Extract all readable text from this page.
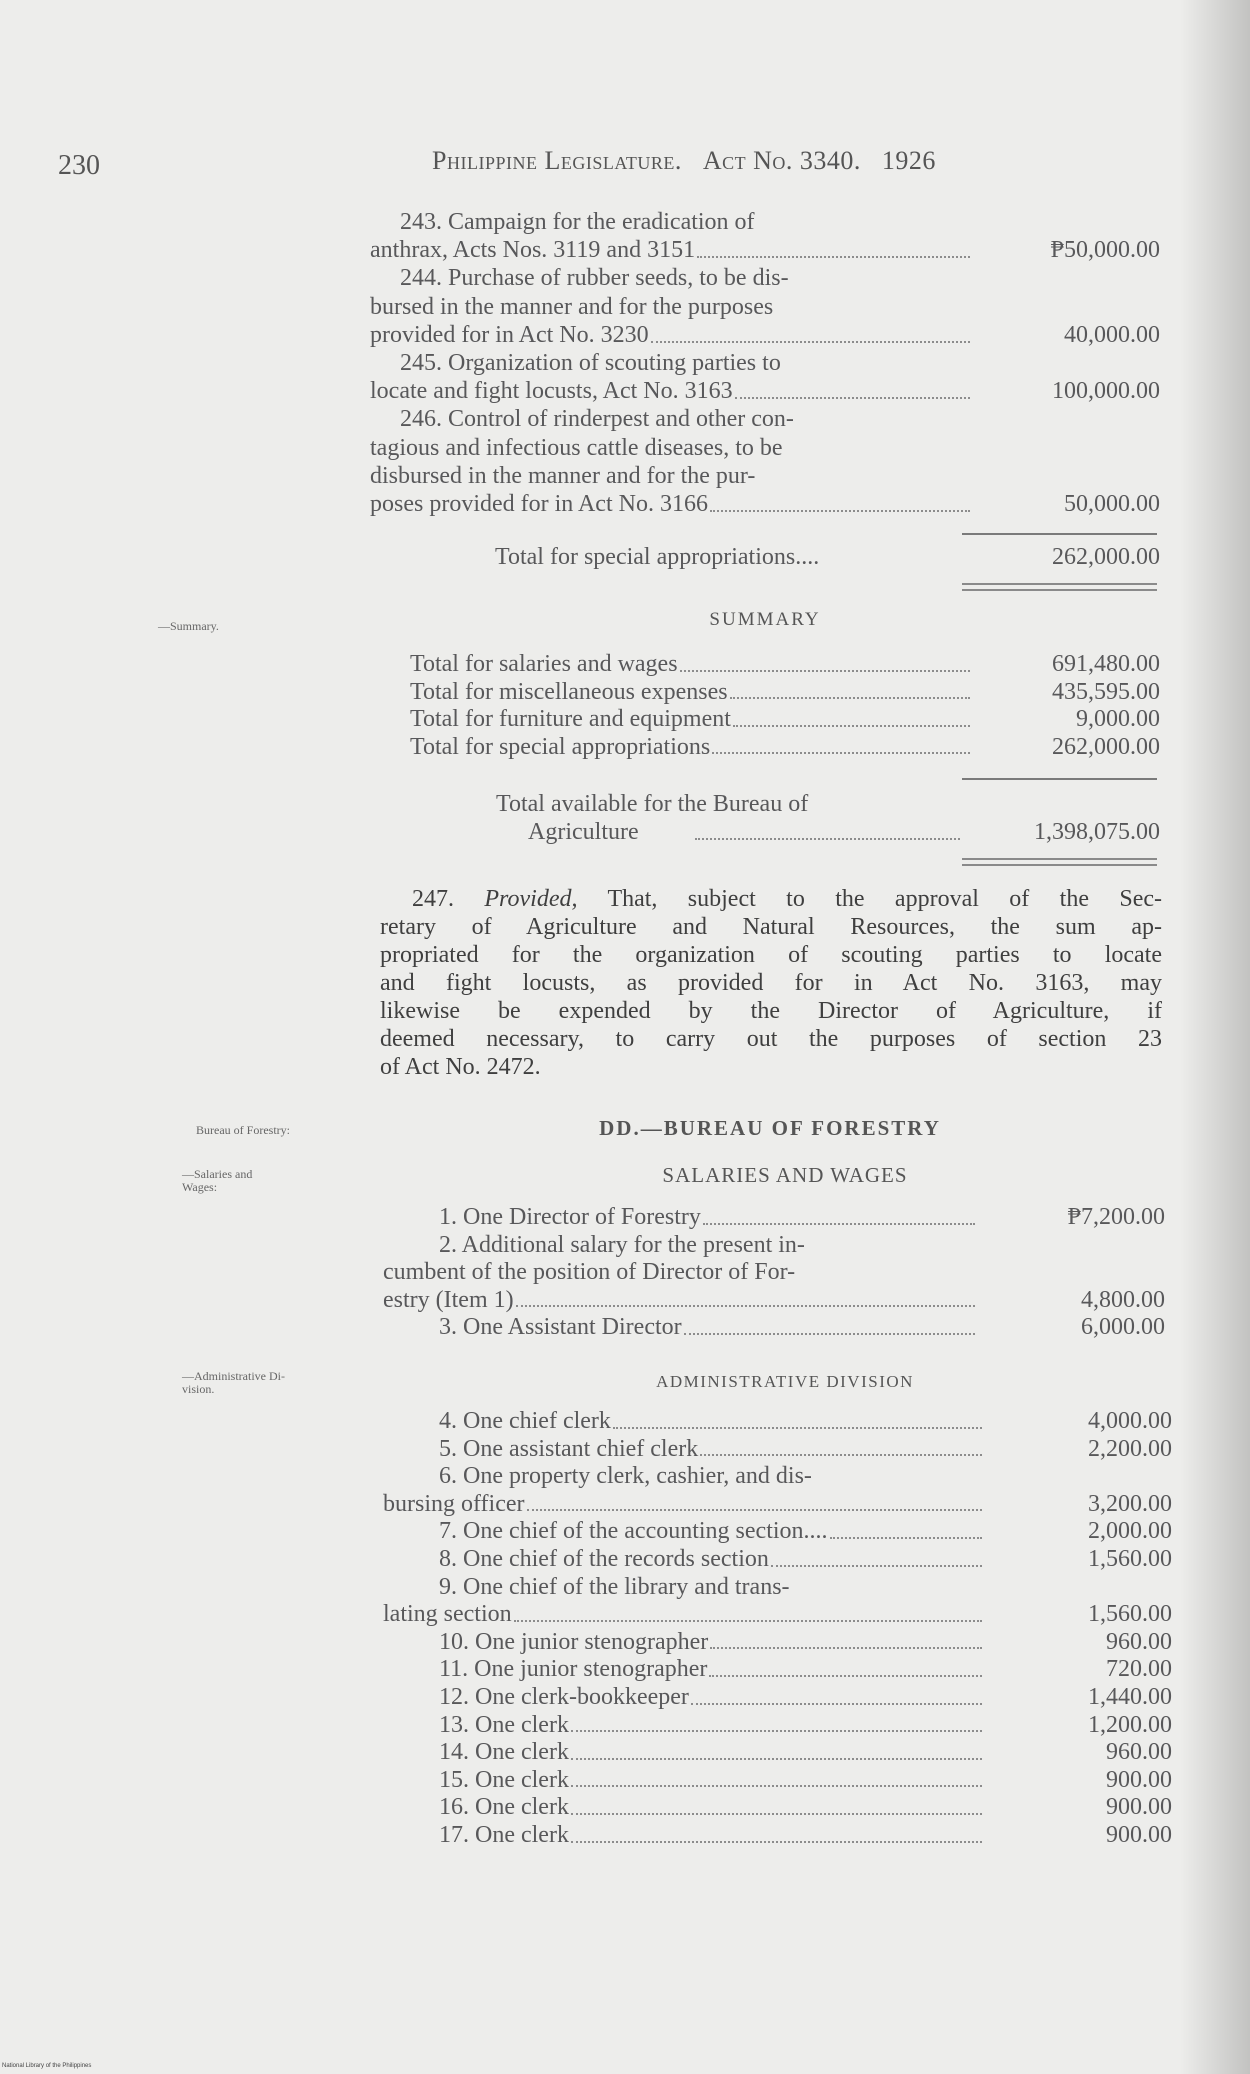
230	Philippine Legislature. Act No. 3340. 1926
243. Campaign for the eradication of
anthrax, Acts Nos. 3119 and 3151	₱50,000.00
244. Purchase of rubber seeds, to be dis-
bursed in the manner and for the purposes
provided for in Act No. 3230	40,000.00
245. Organization of scouting parties to
locate and fight locusts, Act No. 3163	100,000.00
246. Control of rinderpest and other con-
tagious and infectious cattle diseases, to be
disbursed in the manner and for the pur-
poses provided for in Act No. 3166	50,000.00
Total for special appropriations....	262,000.00
—Summary.	SUMMARY
Total for salaries and wages	691,480.00
Total for miscellaneous expenses	435,595.00
Total for furniture and equipment	9,000.00
Total for special appropriations	262,000.00
Total available for the Bureau of
Agriculture	1,398,075.00
247. Provided, That, subject to the approval of the Sec-
retary of Agriculture and Natural Resources, the sum ap-
propriated for the organization of scouting parties to locate
and fight locusts, as provided for in Act No. 3163, may
likewise be expended by the Director of Agriculture, if
deemed necessary, to carry out the purposes of section 23
of Act No. 2472.
Bureau of Forestry:	DD.—BUREAU OF FORESTRY
—Salaries and
Wages:	SALARIES AND WAGES
1. One Director of Forestry	₱7,200.00
2. Additional salary for the present in-
cumbent of the position of Director of For-
estry (Item 1)	4,800.00
3. One Assistant Director	6,000.00
—Administrative Di-
vision.	ADMINISTRATIVE DIVISION
4. One chief clerk	4,000.00
5. One assistant chief clerk	2,200.00
6. One property clerk, cashier, and dis-
bursing officer	3,200.00
7. One chief of the accounting section....	2,000.00
8. One chief of the records section	1,560.00
9. One chief of the library and trans-
lating section	1,560.00
10. One junior stenographer	960.00
11. One junior stenographer	720.00
12. One clerk-bookkeeper	1,440.00
13. One clerk	1,200.00
14. One clerk	960.00
15. One clerk	900.00
16. One clerk	900.00
17. One clerk	900.00
National Library of the Philippines
